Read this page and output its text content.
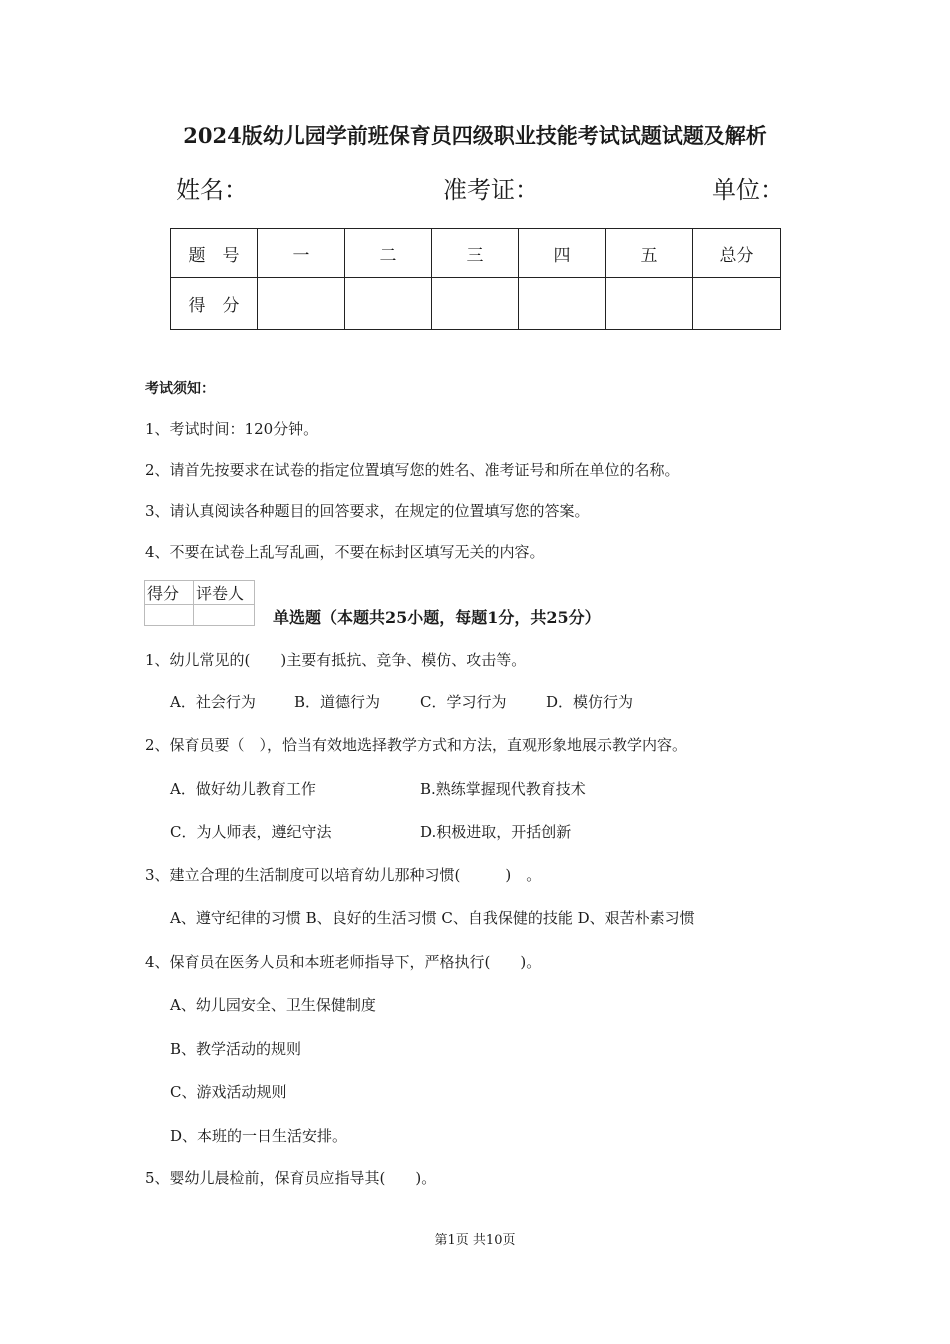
2024版幼儿园学前班保育员四级职业技能考试试题试题及解析
姓名：	准考证：	单位：
题　号	一	二	三	四	五	总分
得　分						
考试须知：
1、考试时间：120分钟。
2、请首先按要求在试卷的指定位置填写您的姓名、准考证号和所在单位的名称。
3、请认真阅读各种题目的回答要求，在规定的位置填写您的答案。
4、不要在试卷上乱写乱画，不要在标封区填写无关的内容。
得分	评卷人

单选题（本题共25小题，每题1分，共25分）
1、幼儿常见的(　　)主要有抵抗、竞争、模仿、攻击等。
A．社会行为	B．道德行为	C．学习行为	D．模仿行为
2、保育员要（　），恰当有效地选择教学方式和方法，直观形象地展示教学内容。
A．做好幼儿教育工作	B.熟练掌握现代教育技术
C．为人师表，遵纪守法	D.积极进取，开括创新
3、建立合理的生活制度可以培育幼儿那种习惯(　　　)　。
A、遵守纪律的习惯 B、良好的生活习惯 C、自我保健的技能 D、艰苦朴素习惯
4、保育员在医务人员和本班老师指导下，严格执行(　　)。
A、幼儿园安全、卫生保健制度
B、教学活动的规则
C、游戏活动规则
D、本班的一日生活安排。
5、婴幼儿晨检前，保育员应指导其(　　)。
第1页 共10页
